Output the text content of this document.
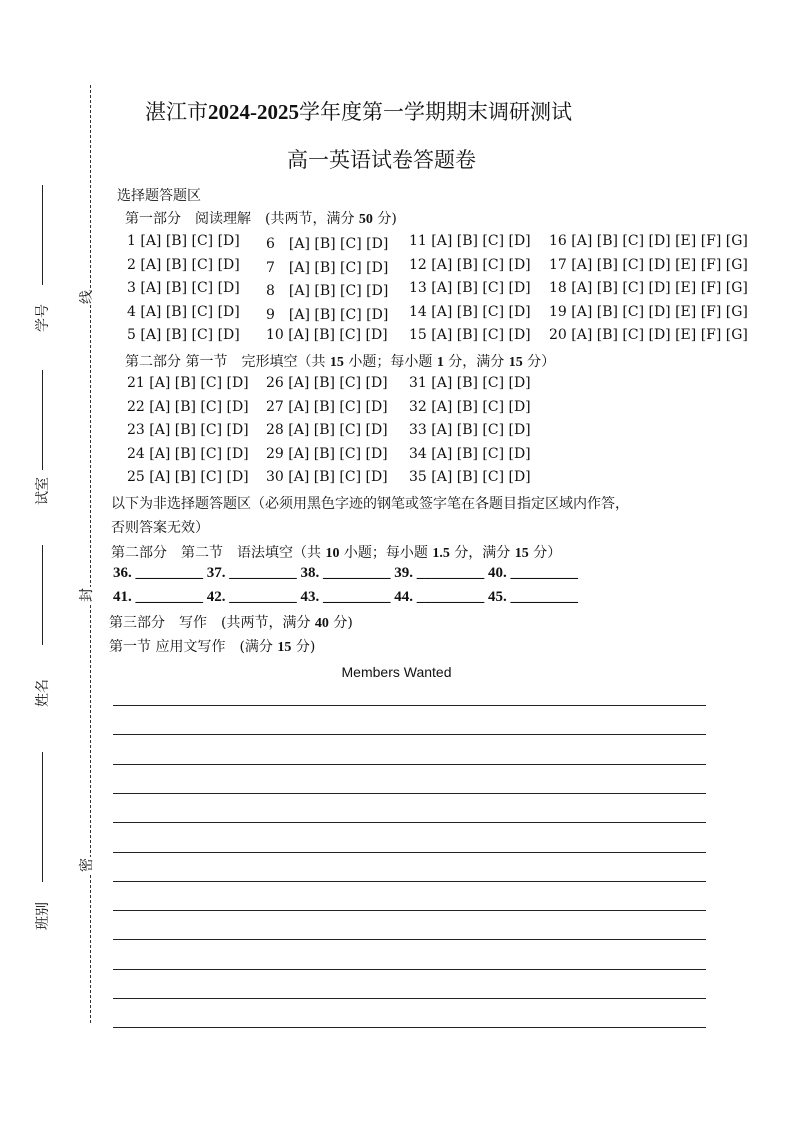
线
封
密
学号
试室
姓名
班别
湛江市2024-2025学年度第一学期期末调研测试
高一英语试卷答题卷
选择题答题区
第一部分　阅读理解　(共两节，满分 50 分)
1 [A] [B] [C] [D] 6　[A] [B] [C] [D] 11 [A] [B] [C] [D] 16 [A] [B] [C] [D] [E] [F] [G]
2 [A] [B] [C] [D] 7　[A] [B] [C] [D] 12 [A] [B] [C] [D] 17 [A] [B] [C] [D] [E] [F] [G]
3 [A] [B] [C] [D] 8　[A] [B] [C] [D] 13 [A] [B] [C] [D] 18 [A] [B] [C] [D] [E] [F] [G]
4 [A] [B] [C] [D] 9　[A] [B] [C] [D] 14 [A] [B] [C] [D] 19 [A] [B] [C] [D] [E] [F] [G]
5 [A] [B] [C] [D] 10 [A] [B] [C] [D] 15 [A] [B] [C] [D] 20 [A] [B] [C] [D] [E] [F] [G]
第二部分 第一节　完形填空（共 15 小题；每小题 1 分，满分 15 分）
21 [A] [B] [C] [D] 26 [A] [B] [C] [D] 31 [A] [B] [C] [D]
22 [A] [B] [C] [D] 27 [A] [B] [C] [D] 32 [A] [B] [C] [D]
23 [A] [B] [C] [D] 28 [A] [B] [C] [D] 33 [A] [B] [C] [D]
24 [A] [B] [C] [D] 29 [A] [B] [C] [D] 34 [A] [B] [C] [D]
25 [A] [B] [C] [D] 30 [A] [B] [C] [D] 35 [A] [B] [C] [D]
以下为非选择题答题区（必须用黑色字迹的钢笔或签字笔在各题目指定区域内作答，
否则答案无效）
第二部分　第二节　语法填空（共 10 小题；每小题 1.5 分，满分 15 分）
36. _________ 37. _________ 38. _________ 39. _________ 40. _________
41. _________ 42. _________ 43. _________ 44. _________ 45. _________
第三部分　写作　(共两节，满分 40 分)
第一节 应用文写作　(满分 15 分)
Members Wanted
